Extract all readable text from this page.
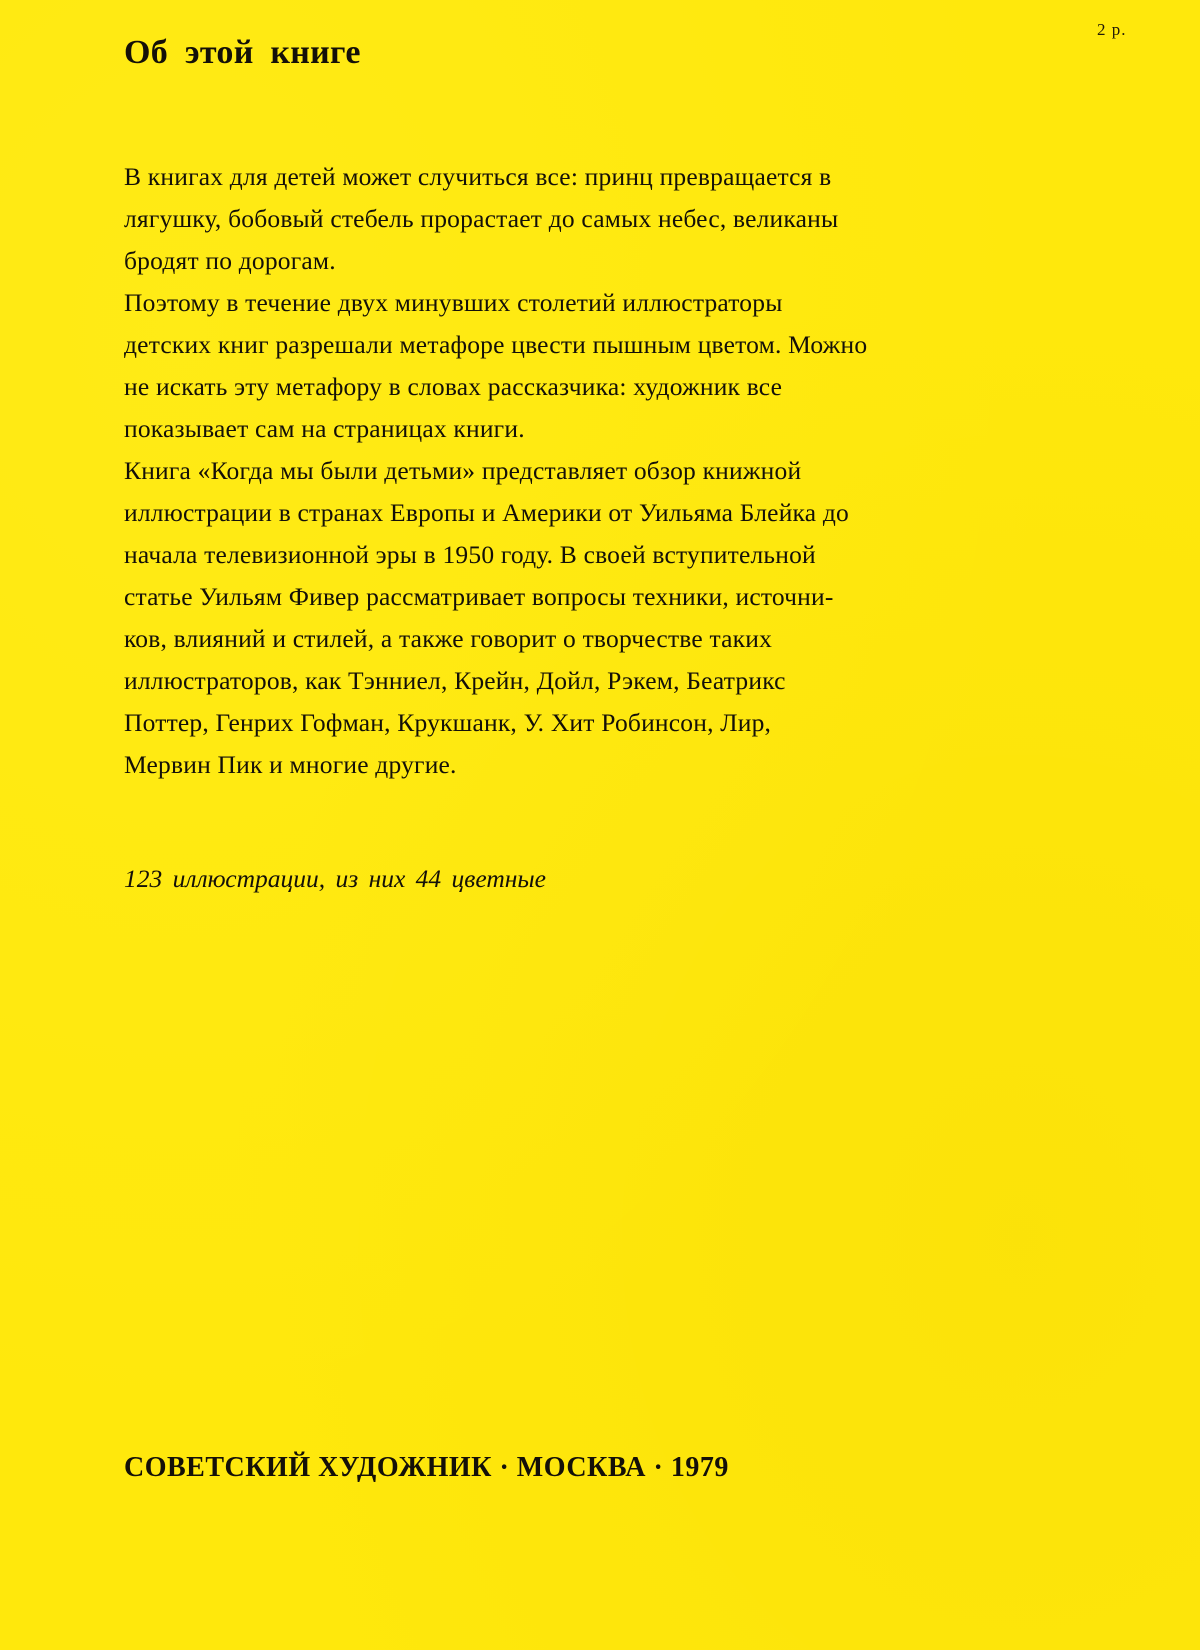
2 р.
Об этой книге
В книгах для детей может случиться все: принц превращается в
лягушку, бобовый стебель прорастает до самых небес, великаны
бродят по дорогам.
Поэтому в течение двух минувших столетий иллюстраторы
детских книг разрешали метафоре цвести пышным цветом. Можно
не искать эту метафору в словах рассказчика: художник все
показывает сам на страницах книги.
Книга «Когда мы были детьми» представляет обзор книжной
иллюстрации в странах Европы и Америки от Уильяма Блейка до
начала телевизионной эры в 1950 году. В своей вступительной
статье Уильям Фивер рассматривает вопросы техники, источни-
ков, влияний и стилей, а также говорит о творчестве таких
иллюстраторов, как Тэнниел, Крейн, Дойл, Рэкем, Беатрикс
Поттер, Генрих Гофман, Крукшанк, У. Хит Робинсон, Лир,
Мервин Пик и многие другие.
123 иллюстрации, из них 44 цветные
СОВЕТСКИЙ ХУДОЖНИК · МОСКВА · 1979
